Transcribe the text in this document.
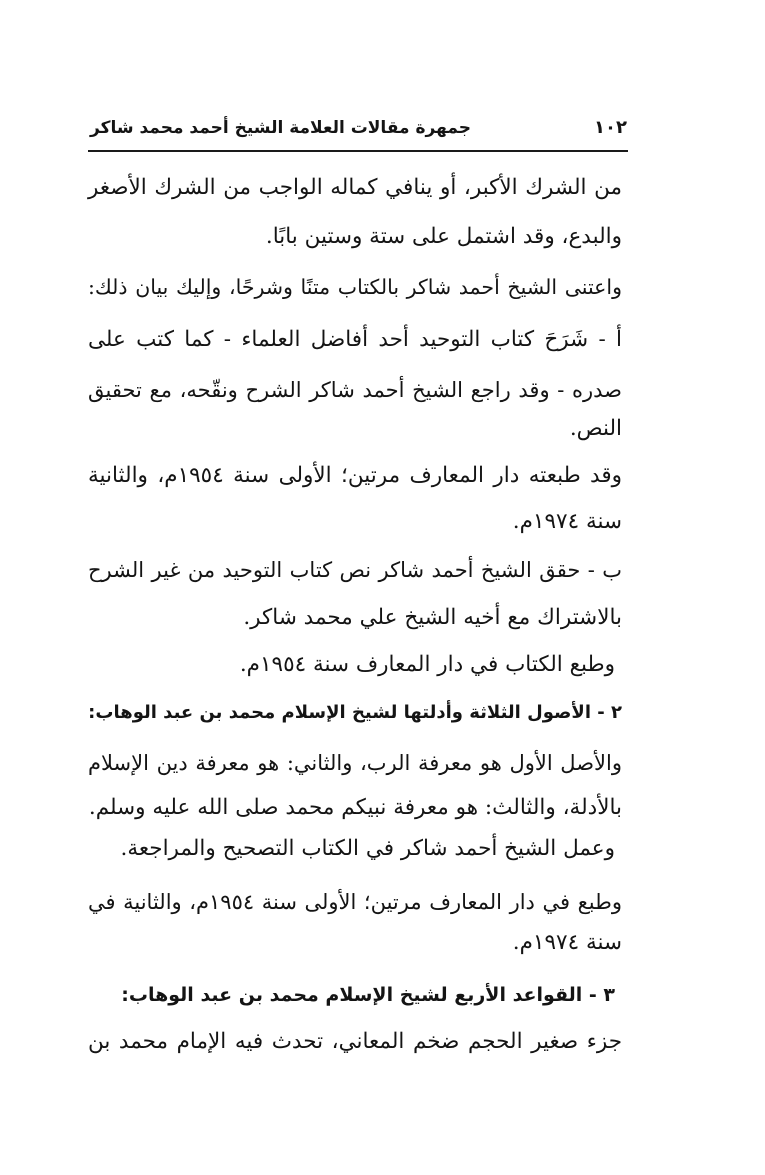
١٠٢
جمهرة مقالات العلامة الشيخ أحمد محمد شاكر
من الشرك الأكبر، أو ينافي كماله الواجب من الشرك الأصغر
والبدع، وقد اشتمل على ستة وستين بابًا.
واعتنى الشيخ أحمد شاكر بالكتاب متنًا وشرحًا، وإليك بيان ذلك:
أ - شَرَحَ كتاب التوحيد أحد أفاضل العلماء - كما كتب على
صدره - وقد راجع الشيخ أحمد شاكر الشرح ونقّحه، مع تحقيق
النص.
وقد طبعته دار المعارف مرتين؛ الأولى سنة ١٩٥٤م، والثانية
سنة ١٩٧٤م.
ب - حقق الشيخ أحمد شاكر نص كتاب التوحيد من غير الشرح
بالاشتراك مع أخيه الشيخ علي محمد شاكر.
وطبع الكتاب في دار المعارف سنة ١٩٥٤م.
٢ - الأصول الثلاثة وأدلتها لشيخ الإسلام محمد بن عبد الوهاب:
والأصل الأول هو معرفة الرب، والثاني: هو معرفة دين الإسلام
بالأدلة، والثالث: هو معرفة نبيكم محمد صلى الله عليه وسلم.
وعمل الشيخ أحمد شاكر في الكتاب التصحيح والمراجعة.
وطبع في دار المعارف مرتين؛ الأولى سنة ١٩٥٤م، والثانية في
سنة ١٩٧٤م.
٣ - القواعد الأربع لشيخ الإسلام محمد بن عبد الوهاب:
جزء صغير الحجم ضخم المعاني، تحدث فيه الإمام محمد بن
